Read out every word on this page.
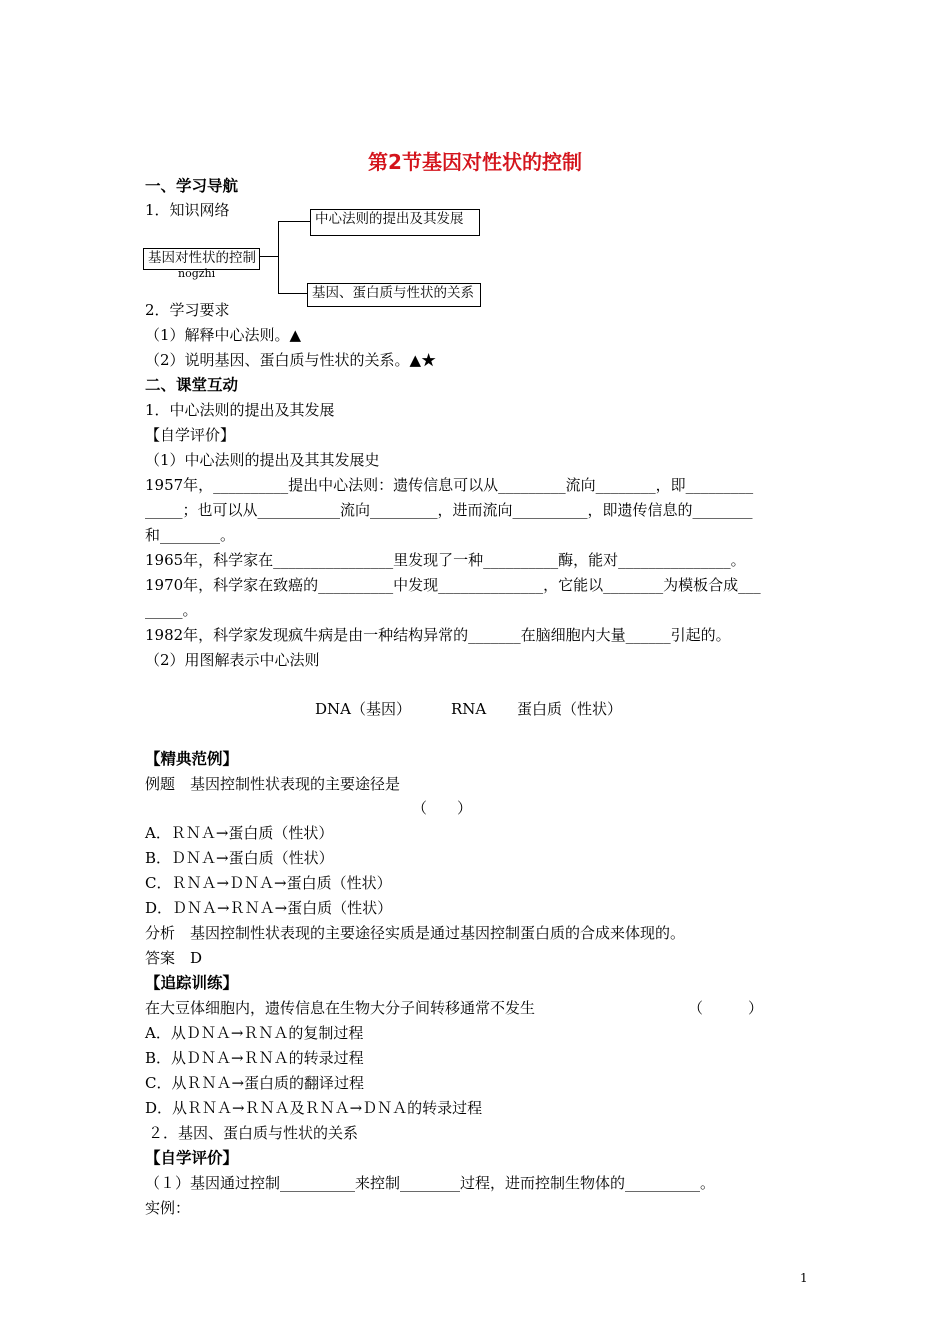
第2节基因对性状的控制
一、学习导航
1．知识网络
基因对性状的控制
nogzhi
中心法则的提出及其发展
基因、蛋白质与性状的关系
2．学习要求
（1）解释中心法则。▲
（2）说明基因、蛋白质与性状的关系。▲★
二、课堂互动
1．中心法则的提出及其发展
【自学评价】
（1）中心法则的提出及其其发展史
1957年，__________提出中心法则：遗传信息可以从_________流向________，即_________
_____；也可以从___________流向_________，进而流向__________，即遗传信息的________
和________。
1965年，科学家在________________里发现了一种__________酶，能对_______________。
1970年，科学家在致癌的__________中发现______________，它能以________为模板合成___
_____。
1982年，科学家发现疯牛病是由一种结构异常的_______在脑细胞内大量______引起的。
（2）用图解表示中心法则
DNA（基因）	RNA 蛋白质（性状）
【精典范例】
例题　基因控制性状表现的主要途径是
（　　）
A．ＲＮＡ→蛋白质（性状）
B．ＤＮＡ→蛋白质（性状）
C．ＲＮＡ→ＤＮＡ→蛋白质（性状）
D．ＤＮＡ→ＲＮＡ→蛋白质（性状）
分析　基因控制性状表现的主要途径实质是通过基因控制蛋白质的合成来体现的。
答案　D
【追踪训练】
在大豆体细胞内，遗传信息在生物大分子间转移通常不发生	（　　　）
A．从ＤＮＡ→ＲＮＡ的复制过程
B．从ＤＮＡ→ＲＮＡ的转录过程
C．从ＲＮＡ→蛋白质的翻译过程
D．从ＲＮＡ→ＲＮＡ及ＲＮＡ→ＤＮＡ的转录过程
２．基因、蛋白质与性状的关系
【自学评价】
（１）基因通过控制__________来控制________过程，进而控制生物体的__________。
实例：
1
